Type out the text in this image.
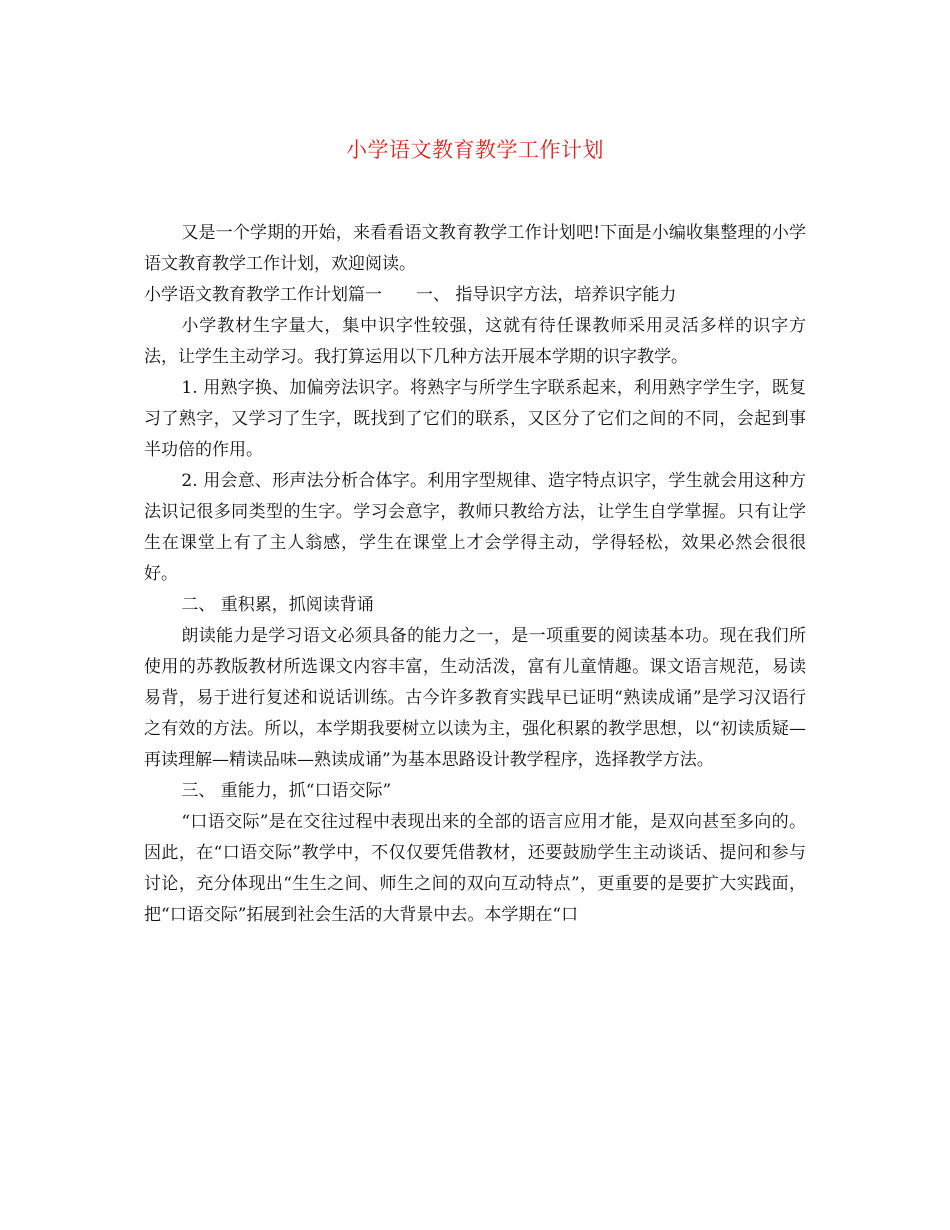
小学语文教育教学工作计划

又是一个学期的开始，来看看语文教育教学工作计划吧!下面是小编收集整理的小学语文教育教学工作计划，欢迎阅读。

小学语文教育教学工作计划篇一　　一、 指导识字方法，培养识字能力

小学教材生字量大，集中识字性较强，这就有待任课教师采用灵活多样的识字方法，让学生主动学习。我打算运用以下几种方法开展本学期的识字教学。

1. 用熟字换、加偏旁法识字。将熟字与所学生字联系起来，利用熟字学生字，既复习了熟字，又学习了生字，既找到了它们的联系，又区分了它们之间的不同，会起到事半功倍的作用。

2. 用会意、形声法分析合体字。利用字型规律、造字特点识字，学生就会用这种方法识记很多同类型的生字。学习会意字，教师只教给方法，让学生自学掌握。只有让学生在课堂上有了主人翁感，学生在课堂上才会学得主动，学得轻松，效果必然会很很好。

二、 重积累，抓阅读背诵

朗读能力是学习语文必须具备的能力之一，是一项重要的阅读基本功。现在我们所使用的苏教版教材所选课文内容丰富，生动活泼，富有儿童情趣。课文语言规范，易读易背，易于进行复述和说话训练。古今许多教育实践早已证明“熟读成诵”是学习汉语行之有效的方法。所以，本学期我要树立以读为主，强化积累的教学思想，以“初读质疑—再读理解—精读品味—熟读成诵”为基本思路设计教学程序，选择教学方法。

三、 重能力，抓“口语交际”

“口语交际”是在交往过程中表现出来的全部的语言应用才能，是双向甚至多向的。因此，在“口语交际”教学中，不仅仅要凭借教材，还要鼓励学生主动谈话、提问和参与讨论，充分体现出“生生之间、师生之间的双向互动特点”，更重要的是要扩大实践面，把“口语交际”拓展到社会生活的大背景中去。本学期在“口
